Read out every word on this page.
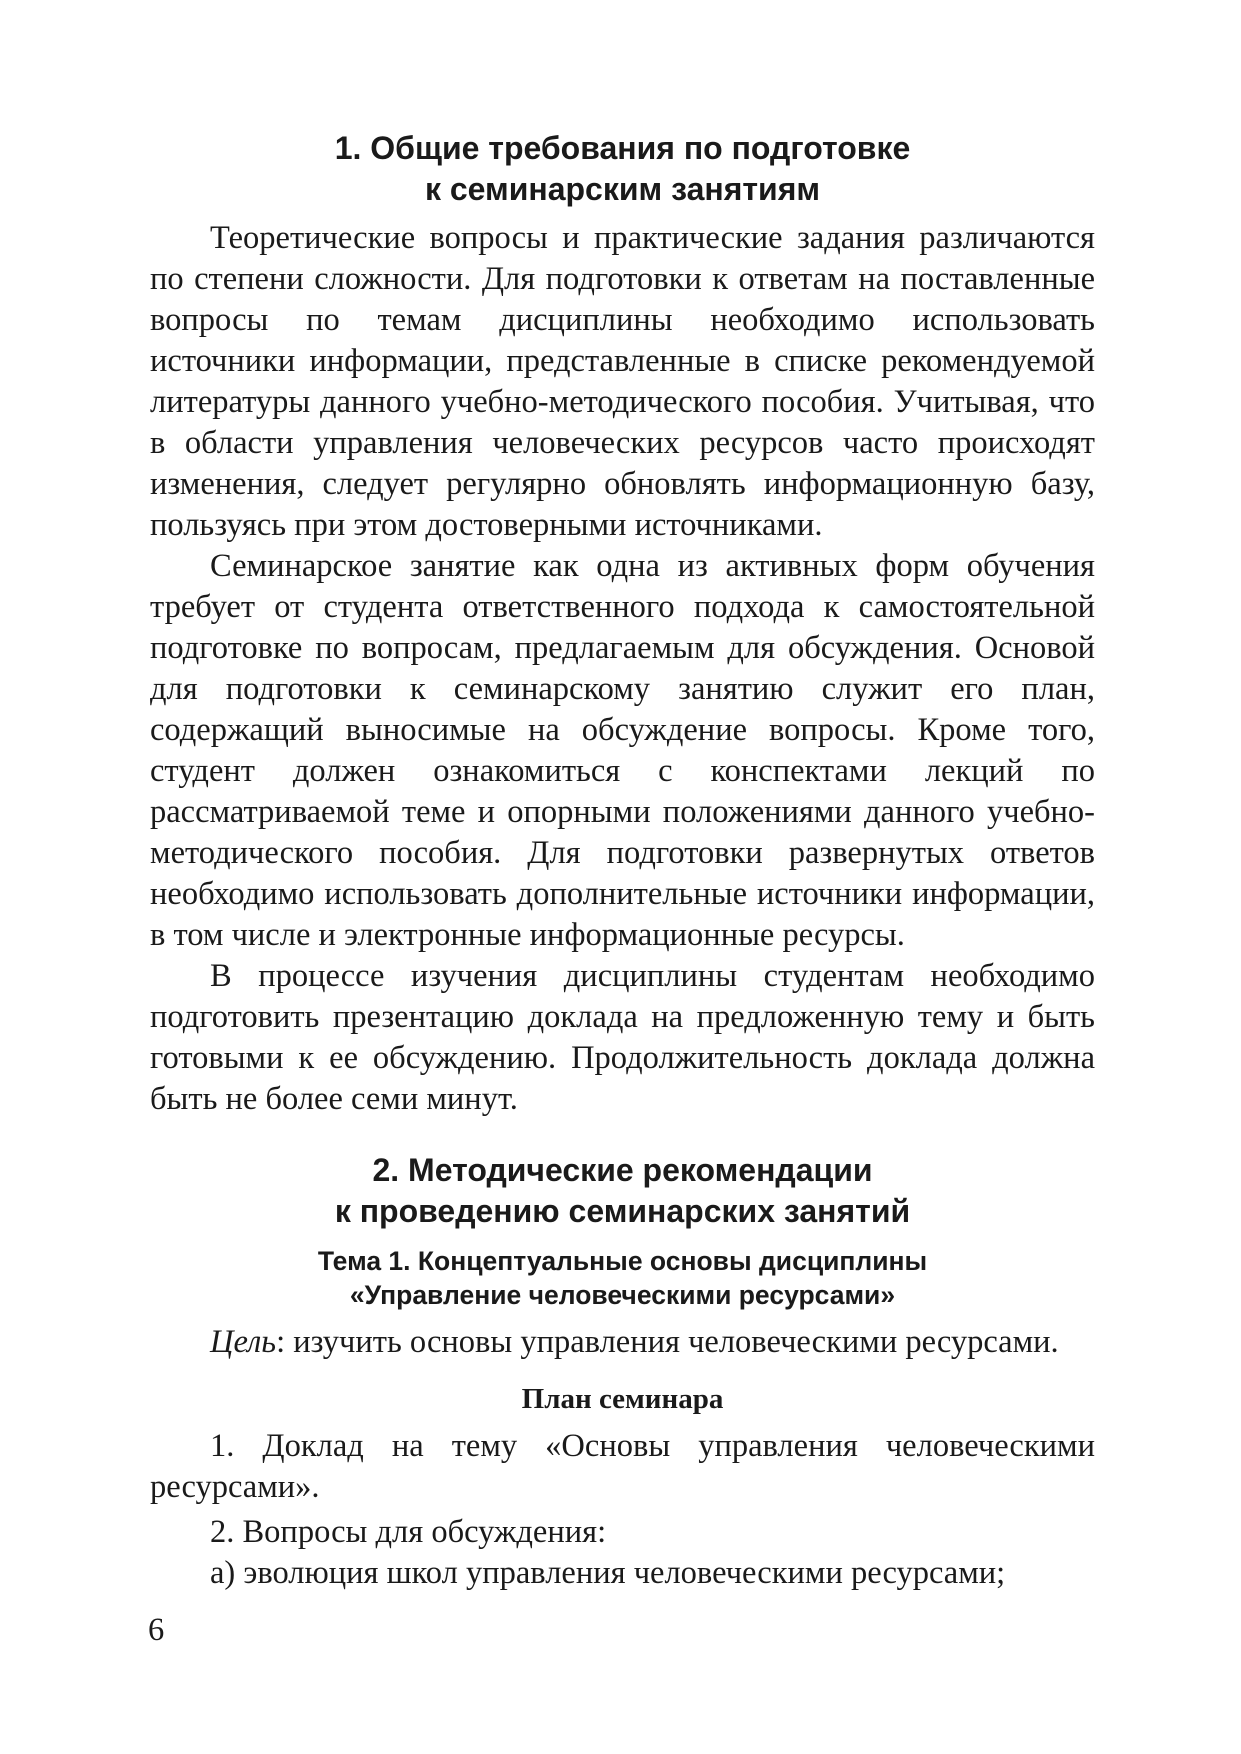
1. Общие требования по подготовке
к семинарским занятиям

Теоретические вопросы и практические задания различаются по степени сложности. Для подготовки к ответам на поставленные вопросы по темам дисциплины необходимо использовать источники информации, представленные в списке рекомендуемой литературы данного учебно-методического пособия. Учитывая, что в области управления человеческих ресурсов часто происходят изменения, следует регулярно обновлять информационную базу, пользуясь при этом достоверными источниками.

Семинарское занятие как одна из активных форм обучения требует от студента ответственного подхода к самостоятельной подготовке по вопросам, предлагаемым для обсуждения. Основой для подготовки к семинарскому занятию служит его план, содержащий выносимые на обсуждение вопросы. Кроме того, студент должен ознакомиться с конспектами лекций по рассматриваемой теме и опорными положениями данного учебно-методического пособия. Для подготовки развернутых ответов необходимо использовать дополнительные источники информации, в том числе и электронные информационные ресурсы.

В процессе изучения дисциплины студентам необходимо подготовить презентацию доклада на предложенную тему и быть готовыми к ее обсуждению. Продолжительность доклада должна быть не более семи минут.

2. Методические рекомендации
к проведению семинарских занятий
Тема 1. Концептуальные основы дисциплины
«Управление человеческими ресурсами»

Цель: изучить основы управления человеческими ресурсами.

План семинара

1. Доклад на тему «Основы управления человеческими ресурсами».

2. Вопросы для обсуждения:

а) эволюция школ управления человеческими ресурсами;

6
